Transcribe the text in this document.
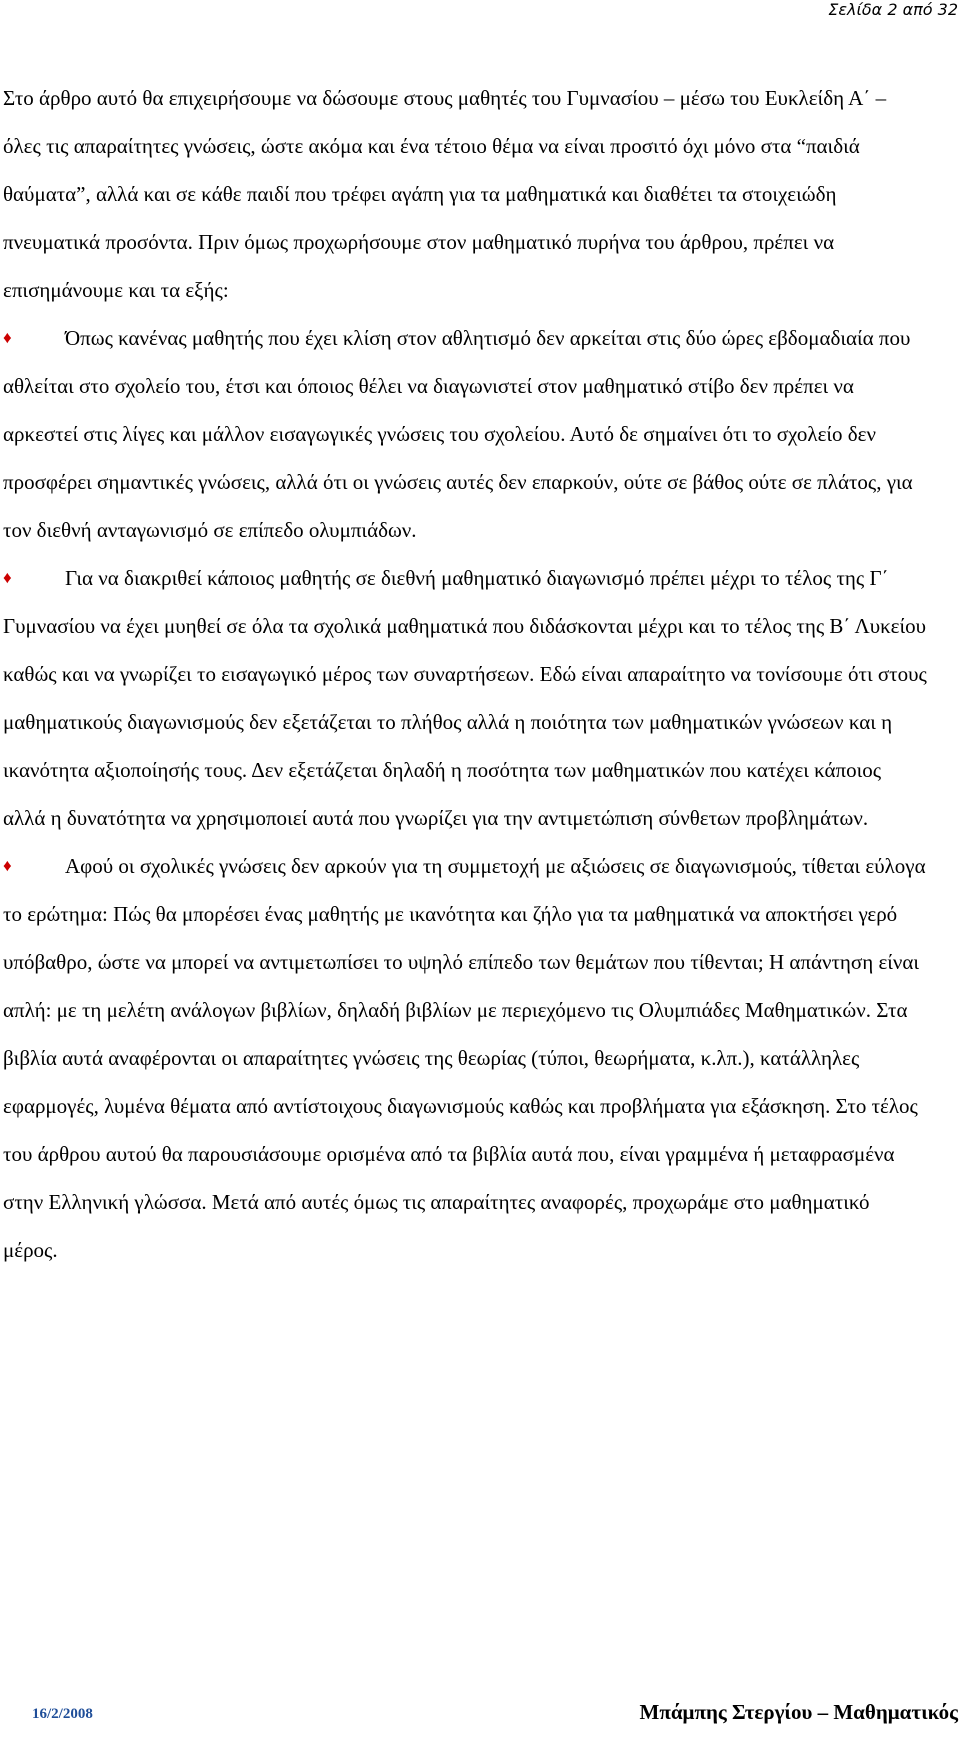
Σελίδα 2 από 32

Στο άρθρο αυτό θα επιχειρήσουμε να δώσουμε στους μαθητές του Γυμνασίου – μέσω του Ευκλείδη Α΄ – όλες τις απαραίτητες γνώσεις, ώστε ακόμα και ένα τέτοιο θέμα να είναι προσιτό όχι μόνο στα “παιδιά θαύματα”, αλλά και σε κάθε παιδί που τρέφει αγάπη για τα μαθηματικά και διαθέτει τα στοιχειώδη πνευματικά προσόντα. Πριν όμως προχωρήσουμε στον μαθηματικό πυρήνα του άρθρου, πρέπει να επισημάνουμε και τα εξής:

♦	Όπως κανένας μαθητής που έχει κλίση στον αθλητισμό δεν αρκείται στις δύο ώρες εβδομαδιαία που αθλείται στο σχολείο του, έτσι και όποιος θέλει να διαγωνιστεί στον μαθηματικό στίβο δεν πρέπει να αρκεστεί στις λίγες και μάλλον εισαγωγικές γνώσεις του σχολείου. Αυτό δε σημαίνει ότι το σχολείο δεν προσφέρει σημαντικές γνώσεις, αλλά ότι οι γνώσεις αυτές δεν επαρκούν, ούτε σε βάθος ούτε σε πλάτος, για τον διεθνή ανταγωνισμό σε επίπεδο ολυμπιάδων.

♦	Για να διακριθεί κάποιος μαθητής σε διεθνή μαθηματικό διαγωνισμό πρέπει μέχρι το τέλος της Γ΄ Γυμνασίου να έχει μυηθεί σε όλα τα σχολικά μαθηματικά που διδάσκονται μέχρι και το τέλος της Β΄ Λυκείου καθώς και να γνωρίζει το εισαγωγικό μέρος των συναρτήσεων. Εδώ είναι απαραίτητο να τονίσουμε ότι στους μαθηματικούς διαγωνισμούς δεν εξετάζεται το πλήθος αλλά η ποιότητα των μαθηματικών γνώσεων και η ικανότητα αξιοποίησής τους. Δεν εξετάζεται δηλαδή η ποσότητα των μαθηματικών που κατέχει κάποιος αλλά η δυνατότητα να χρησιμοποιεί αυτά που γνωρίζει για την αντιμετώπιση σύνθετων προβλημάτων.

♦	Αφού οι σχολικές γνώσεις δεν αρκούν για τη συμμετοχή με αξιώσεις σε διαγωνισμούς, τίθεται εύλογα το ερώτημα: Πώς θα μπορέσει ένας μαθητής με ικανότητα και ζήλο για τα μαθηματικά να αποκτήσει γερό υπόβαθρο, ώστε να μπορεί να αντιμετωπίσει το υψηλό επίπεδο των θεμάτων που τίθενται; Η απάντηση είναι απλή: με τη μελέτη ανάλογων βιβλίων, δηλαδή βιβλίων με περιεχόμενο τις Ολυμπιάδες Μαθηματικών. Στα βιβλία αυτά αναφέρονται οι απαραίτητες γνώσεις της θεωρίας (τύποι, θεωρήματα, κ.λπ.), κατάλληλες εφαρμογές, λυμένα θέματα από αντίστοιχους διαγωνισμούς καθώς και προβλήματα για εξάσκηση. Στο τέλος του άρθρου αυτού θα παρουσιάσουμε ορισμένα από τα βιβλία αυτά που, είναι γραμμένα ή μεταφρασμένα στην Ελληνική γλώσσα. Μετά από αυτές όμως τις απαραίτητες αναφορές, προχωράμε στο μαθηματικό μέρος.

16/2/2008	Μπάμπης Στεργίου – Μαθηματικός
